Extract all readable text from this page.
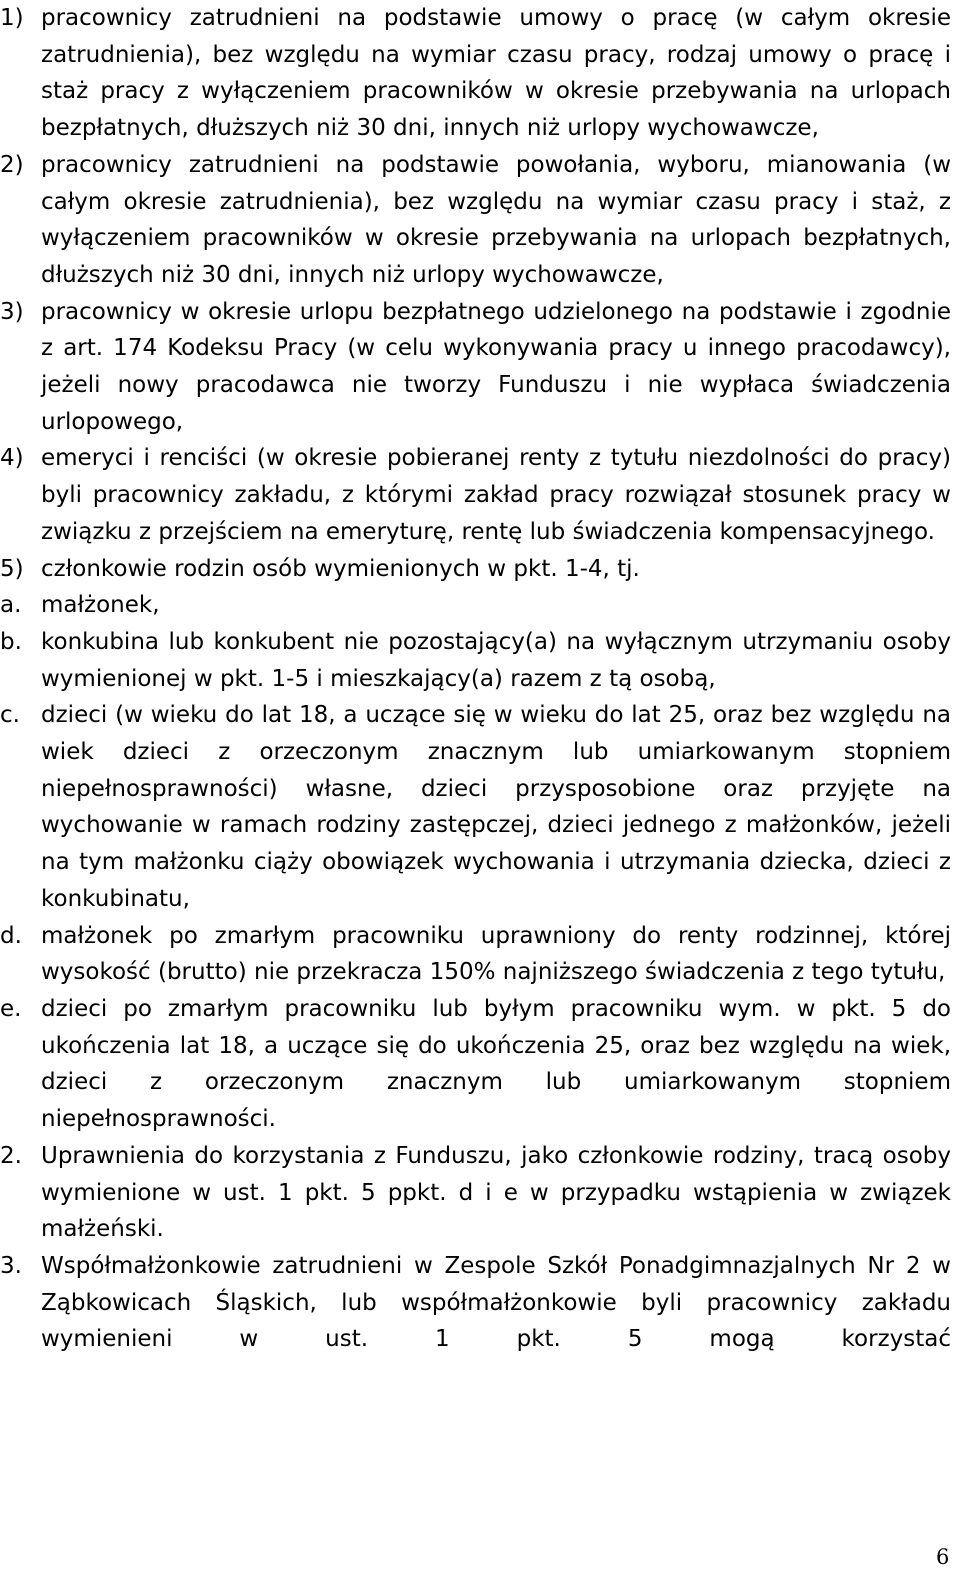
1) pracownicy zatrudnieni na podstawie umowy o pracę (w całym okresie zatrudnienia), bez względu na wymiar czasu pracy, rodzaj umowy o pracę i staż pracy z wyłączeniem pracowników w okresie przebywania na urlopach bezpłatnych, dłuższych niż 30 dni, innych niż urlopy wychowawcze,
2) pracownicy zatrudnieni na podstawie powołania, wyboru, mianowania (w całym okresie zatrudnienia), bez względu na wymiar czasu pracy i staż, z wyłączeniem pracowników w okresie przebywania na urlopach bezpłatnych, dłuższych niż 30 dni, innych niż urlopy wychowawcze,
3) pracownicy w okresie urlopu bezpłatnego udzielonego na podstawie i zgodnie z art. 174 Kodeksu Pracy (w celu wykonywania pracy u innego pracodawcy), jeżeli nowy pracodawca nie tworzy Funduszu i nie wypłaca świadczenia urlopowego,
4) emeryci i renciści (w okresie pobieranej renty z tytułu niezdolności do pracy) byli pracownicy zakładu, z którymi zakład pracy rozwiązał stosunek pracy w związku z przejściem na emeryturę, rentę lub świadczenia kompensacyjnego.
5) członkowie rodzin osób wymienionych w pkt. 1-4, tj.
a. małżonek,
b. konkubina lub konkubent nie pozostający(a) na wyłącznym utrzymaniu osoby wymienionej w pkt. 1-5 i mieszkający(a) razem z tą osobą,
c. dzieci (w wieku do lat 18, a uczące się w wieku do lat 25, oraz bez względu na wiek dzieci z orzeczonym znacznym lub umiarkowanym stopniem niepełnosprawności) własne, dzieci przysposobione oraz przyjęte na wychowanie w ramach rodziny zastępczej, dzieci jednego z małżonków, jeżeli na tym małżonku ciąży obowiązek wychowania i utrzymania dziecka, dzieci z konkubinatu,
d. małżonek po zmarłym pracowniku uprawniony do renty rodzinnej, której wysokość (brutto) nie przekracza 150% najniższego świadczenia z tego tytułu,
e. dzieci po zmarłym pracowniku lub byłym pracowniku wym. w pkt. 5 do ukończenia lat 18, a uczące się do ukończenia 25, oraz bez względu na wiek, dzieci z orzeczonym znacznym lub umiarkowanym stopniem niepełnosprawności.
2. Uprawnienia do korzystania z Funduszu, jako członkowie rodziny, tracą osoby wymienione w ust. 1 pkt. 5 ppkt. d i e w przypadku wstąpienia w związek małżeński.
3. Współmałżonkowie zatrudnieni w Zespole Szkół Ponadgimnazjalnych Nr 2 w Ząbkowicach Śląskich, lub współmałżonkowie byli pracownicy zakładu wymienieni w ust. 1 pkt. 5 mogą korzystać
6
